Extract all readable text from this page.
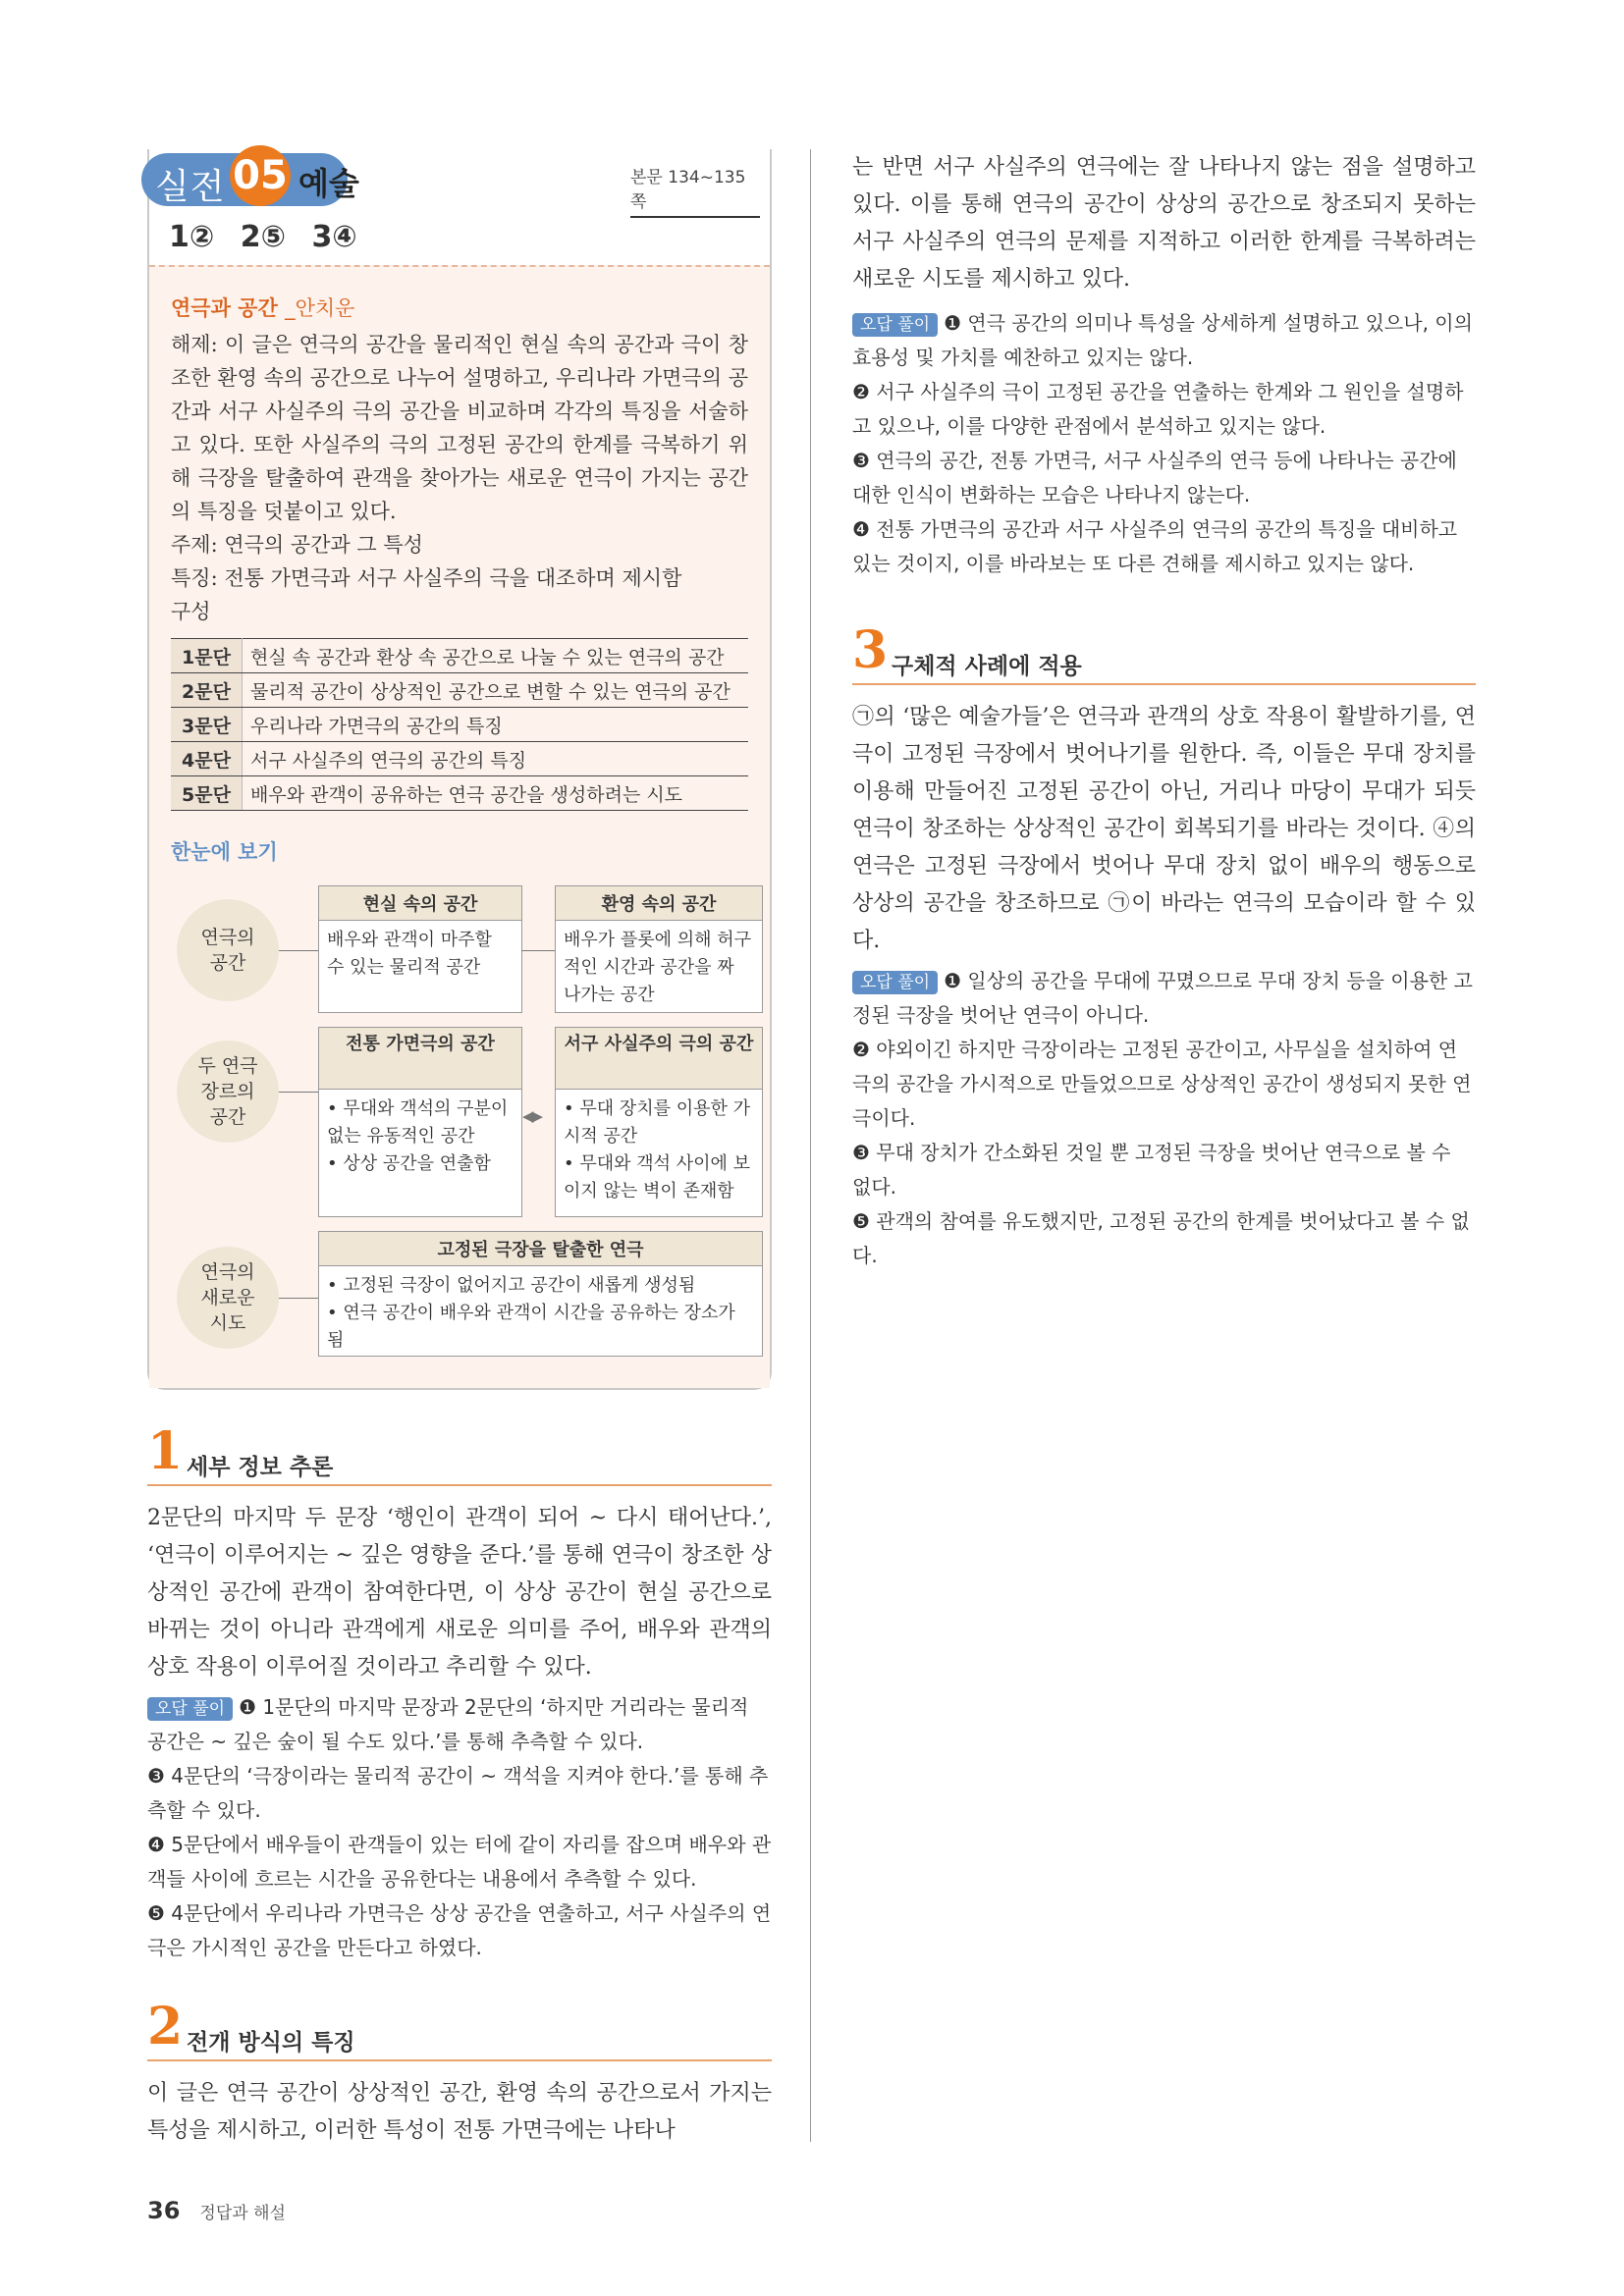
실전 05 예술	본문 134~135쪽
1② 2⑤ 3④
연극과 공간 _안치운
해제: 이 글은 연극의 공간을 물리적인 현실 속의 공간과 극이 창조한 환영 속의 공간으로 나누어 설명하고, 우리나라 가면극의 공간과 서구 사실주의 극의 공간을 비교하며 각각의 특징을 서술하고 있다. 또한 사실주의 극의 고정된 공간의 한계를 극복하기 위해 극장을 탈출하여 관객을 찾아가는 새로운 연극이 가지는 공간의 특징을 덧붙이고 있다.
주제: 연극의 공간과 그 특성
특징: 전통 가면극과 서구 사실주의 극을 대조하며 제시함
구성
1문단	현실 속 공간과 환상 속 공간으로 나눌 수 있는 연극의 공간
2문단	물리적 공간이 상상적인 공간으로 변할 수 있는 연극의 공간
3문단	우리나라 가면극의 공간의 특징
4문단	서구 사실주의 연극의 공간의 특징
5문단	배우와 관객이 공유하는 연극 공간을 생성하려는 시도
한눈에 보기
연극의 공간
두 연극 장르의 공간
연극의 새로운 시도
현실 속의 공간
배우와 관객이 마주할 수 있는 물리적 공간
환영 속의 공간
배우가 플롯에 의해 허구적인 시간과 공간을 짜 나가는 공간
전통 가면극의 공간
• 무대와 객석의 구분이 없는 유동적인 공간
• 상상 공간을 연출함
◀▶
서구 사실주의 극의 공간
• 무대 장치를 이용한 가시적 공간
• 무대와 객석 사이에 보이지 않는 벽이 존재함
고정된 극장을 탈출한 연극
• 고정된 극장이 없어지고 공간이 새롭게 생성됨
• 연극 공간이 배우와 관객이 시간을 공유하는 장소가 됨
1 세부 정보 추론
2문단의 마지막 두 문장 ‘행인이 관객이 되어 ~ 다시 태어난다.’, ‘연극이 이루어지는 ~ 깊은 영향을 준다.’를 통해 연극이 창조한 상상적인 공간에 관객이 참여한다면, 이 상상 공간이 현실 공간으로 바뀌는 것이 아니라 관객에게 새로운 의미를 주어, 배우와 관객의 상호 작용이 이루어질 것이라고 추리할 수 있다.
오답 풀이 ❶ 1문단의 마지막 문장과 2문단의 ‘하지만 거리라는 물리적 공간은 ~ 깊은 숲이 될 수도 있다.’를 통해 추측할 수 있다.
❸ 4문단의 ‘극장이라는 물리적 공간이 ~ 객석을 지켜야 한다.’를 통해 추측할 수 있다.
❹ 5문단에서 배우들이 관객들이 있는 터에 같이 자리를 잡으며 배우와 관객들 사이에 흐르는 시간을 공유한다는 내용에서 추측할 수 있다.
❺ 4문단에서 우리나라 가면극은 상상 공간을 연출하고, 서구 사실주의 연극은 가시적인 공간을 만든다고 하였다.
2 전개 방식의 특징
이 글은 연극 공간이 상상적인 공간, 환영 속의 공간으로서 가지는 특성을 제시하고, 이러한 특성이 전통 가면극에는 나타나
는 반면 서구 사실주의 연극에는 잘 나타나지 않는 점을 설명하고 있다. 이를 통해 연극의 공간이 상상의 공간으로 창조되지 못하는 서구 사실주의 연극의 문제를 지적하고 이러한 한계를 극복하려는 새로운 시도를 제시하고 있다.
오답 풀이 ❶ 연극 공간의 의미나 특성을 상세하게 설명하고 있으나, 이의 효용성 및 가치를 예찬하고 있지는 않다.
❷ 서구 사실주의 극이 고정된 공간을 연출하는 한계와 그 원인을 설명하고 있으나, 이를 다양한 관점에서 분석하고 있지는 않다.
❸ 연극의 공간, 전통 가면극, 서구 사실주의 연극 등에 나타나는 공간에 대한 인식이 변화하는 모습은 나타나지 않는다.
❹ 전통 가면극의 공간과 서구 사실주의 연극의 공간의 특징을 대비하고 있는 것이지, 이를 바라보는 또 다른 견해를 제시하고 있지는 않다.
3 구체적 사례에 적용
㉠의 ‘많은 예술가들’은 연극과 관객의 상호 작용이 활발하기를, 연극이 고정된 극장에서 벗어나기를 원한다. 즉, 이들은 무대 장치를 이용해 만들어진 고정된 공간이 아닌, 거리나 마당이 무대가 되듯 연극이 창조하는 상상적인 공간이 회복되기를 바라는 것이다. ④의 연극은 고정된 극장에서 벗어나 무대 장치 없이 배우의 행동으로 상상의 공간을 창조하므로 ㉠이 바라는 연극의 모습이라 할 수 있다.
오답 풀이 ❶ 일상의 공간을 무대에 꾸몄으므로 무대 장치 등을 이용한 고정된 극장을 벗어난 연극이 아니다.
❷ 야외이긴 하지만 극장이라는 고정된 공간이고, 사무실을 설치하여 연극의 공간을 가시적으로 만들었으므로 상상적인 공간이 생성되지 못한 연극이다.
❸ 무대 장치가 간소화된 것일 뿐 고정된 극장을 벗어난 연극으로 볼 수 없다.
❺ 관객의 참여를 유도했지만, 고정된 공간의 한계를 벗어났다고 볼 수 없다.
36 정답과 해설
